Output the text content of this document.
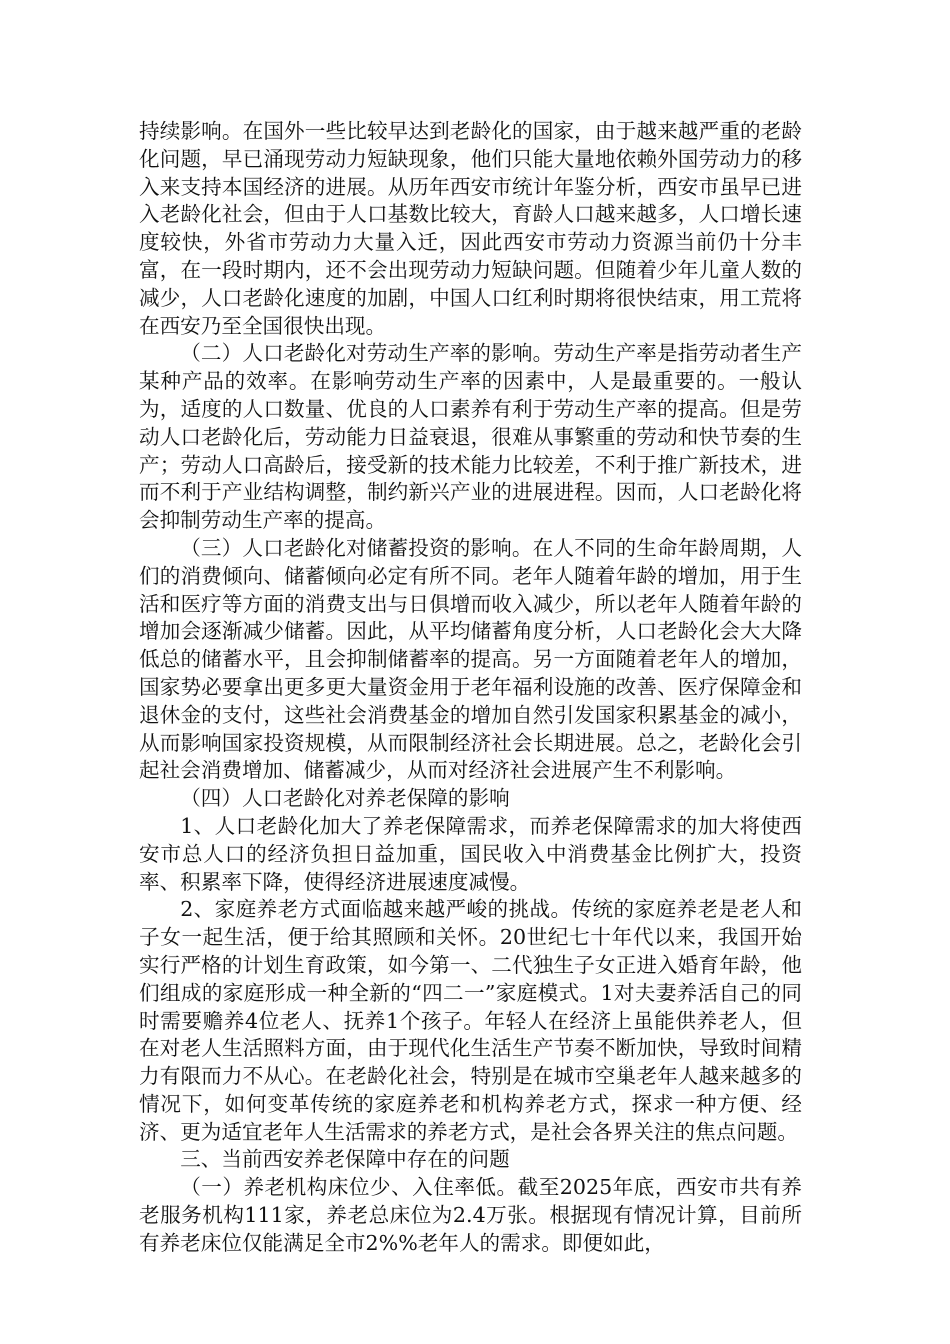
持续影响。在国外一些比较早达到老龄化的国家，由于越来越严重的老龄化问题，早已涌现劳动力短缺现象，他们只能大量地依赖外国劳动力的移入来支持本国经济的进展。从历年西安市统计年鉴分析，西安市虽早已进入老龄化社会，但由于人口基数比较大，育龄人口越来越多，人口增长速度较快，外省市劳动力大量入迁，因此西安市劳动力资源当前仍十分丰富，在一段时期内，还不会出现劳动力短缺问题。但随着少年儿童人数的减少，人口老龄化速度的加剧，中国人口红利时期将很快结束，用工荒将在西安乃至全国很快出现。

（二）人口老龄化对劳动生产率的影响。劳动生产率是指劳动者生产某种产品的效率。在影响劳动生产率的因素中，人是最重要的。一般认为，适度的人口数量、优良的人口素养有利于劳动生产率的提高。但是劳动人口老龄化后，劳动能力日益衰退，很难从事繁重的劳动和快节奏的生产；劳动人口高龄后，接受新的技术能力比较差，不利于推广新技术，进而不利于产业结构调整，制约新兴产业的进展进程。因而，人口老龄化将会抑制劳动生产率的提高。

（三）人口老龄化对储蓄投资的影响。在人不同的生命年龄周期，人们的消费倾向、储蓄倾向必定有所不同。老年人随着年龄的增加，用于生活和医疗等方面的消费支出与日俱增而收入减少，所以老年人随着年龄的增加会逐渐减少储蓄。因此，从平均储蓄角度分析，人口老龄化会大大降低总的储蓄水平，且会抑制储蓄率的提高。另一方面随着老年人的增加，国家势必要拿出更多更大量资金用于老年福利设施的改善、医疗保障金和退休金的支付，这些社会消费基金的增加自然引发国家积累基金的减小，从而影响国家投资规模，从而限制经济社会长期进展。总之，老龄化会引起社会消费增加、储蓄减少，从而对经济社会进展产生不利影响。

（四）人口老龄化对养老保障的影响

1、人口老龄化加大了养老保障需求，而养老保障需求的加大将使西安市总人口的经济负担日益加重，国民收入中消费基金比例扩大，投资率、积累率下降，使得经济进展速度减慢。

2、家庭养老方式面临越来越严峻的挑战。传统的家庭养老是老人和子女一起生活，便于给其照顾和关怀。20世纪七十年代以来，我国开始实行严格的计划生育政策，如今第一、二代独生子女正进入婚育年龄，他们组成的家庭形成一种全新的“四二一”家庭模式。1对夫妻养活自己的同时需要赡养4位老人、抚养1个孩子。年轻人在经济上虽能供养老人，但在对老人生活照料方面，由于现代化生活生产节奏不断加快，导致时间精力有限而力不从心。在老龄化社会，特别是在城市空巢老年人越来越多的情况下，如何变革传统的家庭养老和机构养老方式，探求一种方便、经济、更为适宜老年人生活需求的养老方式，是社会各界关注的焦点问题。

三、当前西安养老保障中存在的问题

（一）养老机构床位少、入住率低。截至2025年底，西安市共有养老服务机构111家，养老总床位为2.4万张。根据现有情况计算，目前所有养老床位仅能满足全市2%%老年人的需求。即便如此，
